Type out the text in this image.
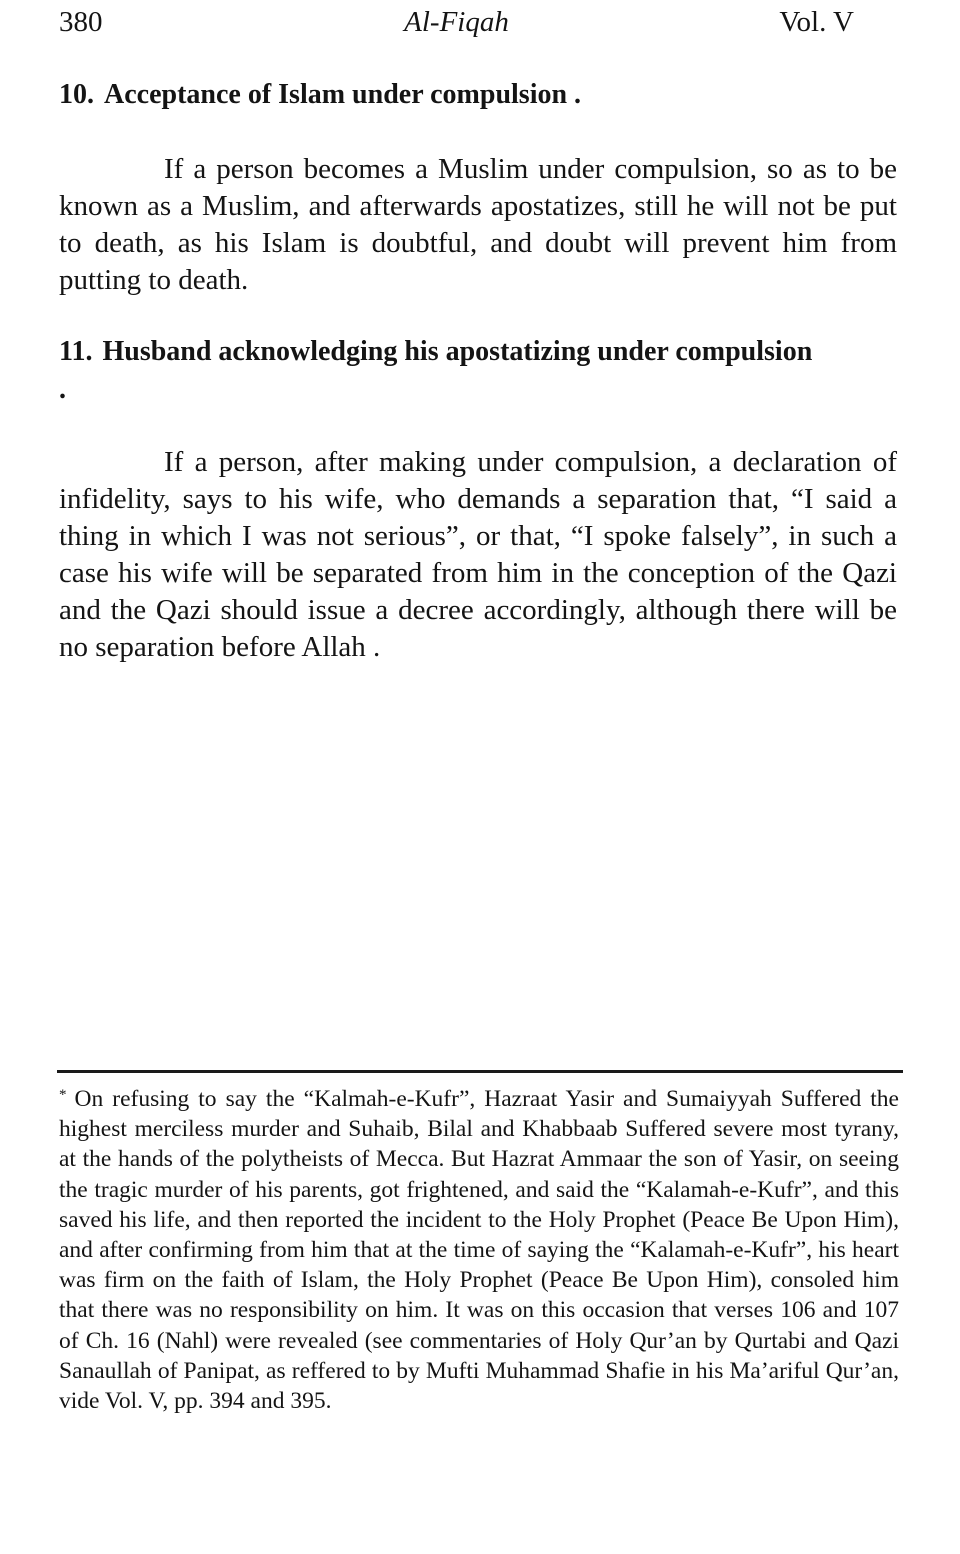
380	Al-Fiqah	Vol. V
10. Acceptance of Islam under compulsion .

If a person becomes a Muslim under compulsion, so as to be known as a Muslim, and afterwards apostatizes, still he will not be put to death, as his Islam is doubtful, and doubt will prevent him from putting to death.

11. Husband acknowledging his apostatizing under compulsion .

If a person, after making under compulsion, a declaration of infidelity, says to his wife, who demands a separation that, “I said a thing in which I was not serious”, or that, “I spoke falsely”, in such a case his wife will be separated from him in the conception of the Qazi and the Qazi should issue a decree accordingly, although there will be no separation before Allah .

* On refusing to say the “Kalmah-e-Kufr”, Hazraat Yasir and Sumaiyyah Suffered the highest merciless murder and Suhaib, Bilal and Khabbaab Suffered severe most tyrany, at the hands of the polytheists of Mecca. But Hazrat Ammaar the son of Yasir, on seeing the tragic murder of his parents, got frightened, and said the “Kalamah-e-Kufr”, and this saved his life, and then reported the incident to the Holy Prophet (Peace Be Upon Him), and after confirming from him that at the time of saying the “Kalamah-e-Kufr”, his heart was firm on the faith of Islam, the Holy Prophet (Peace Be Upon Him), consoled him that there was no responsibility on him. It was on this occasion that verses 106 and 107 of Ch. 16 (Nahl) were revealed (see commentaries of Holy Qur’an by Qurtabi and Qazi Sanaullah of Panipat, as reffered to by Mufti Muhammad Shafie in his Ma’ariful Qur’an, vide Vol. V, pp. 394 and 395.
